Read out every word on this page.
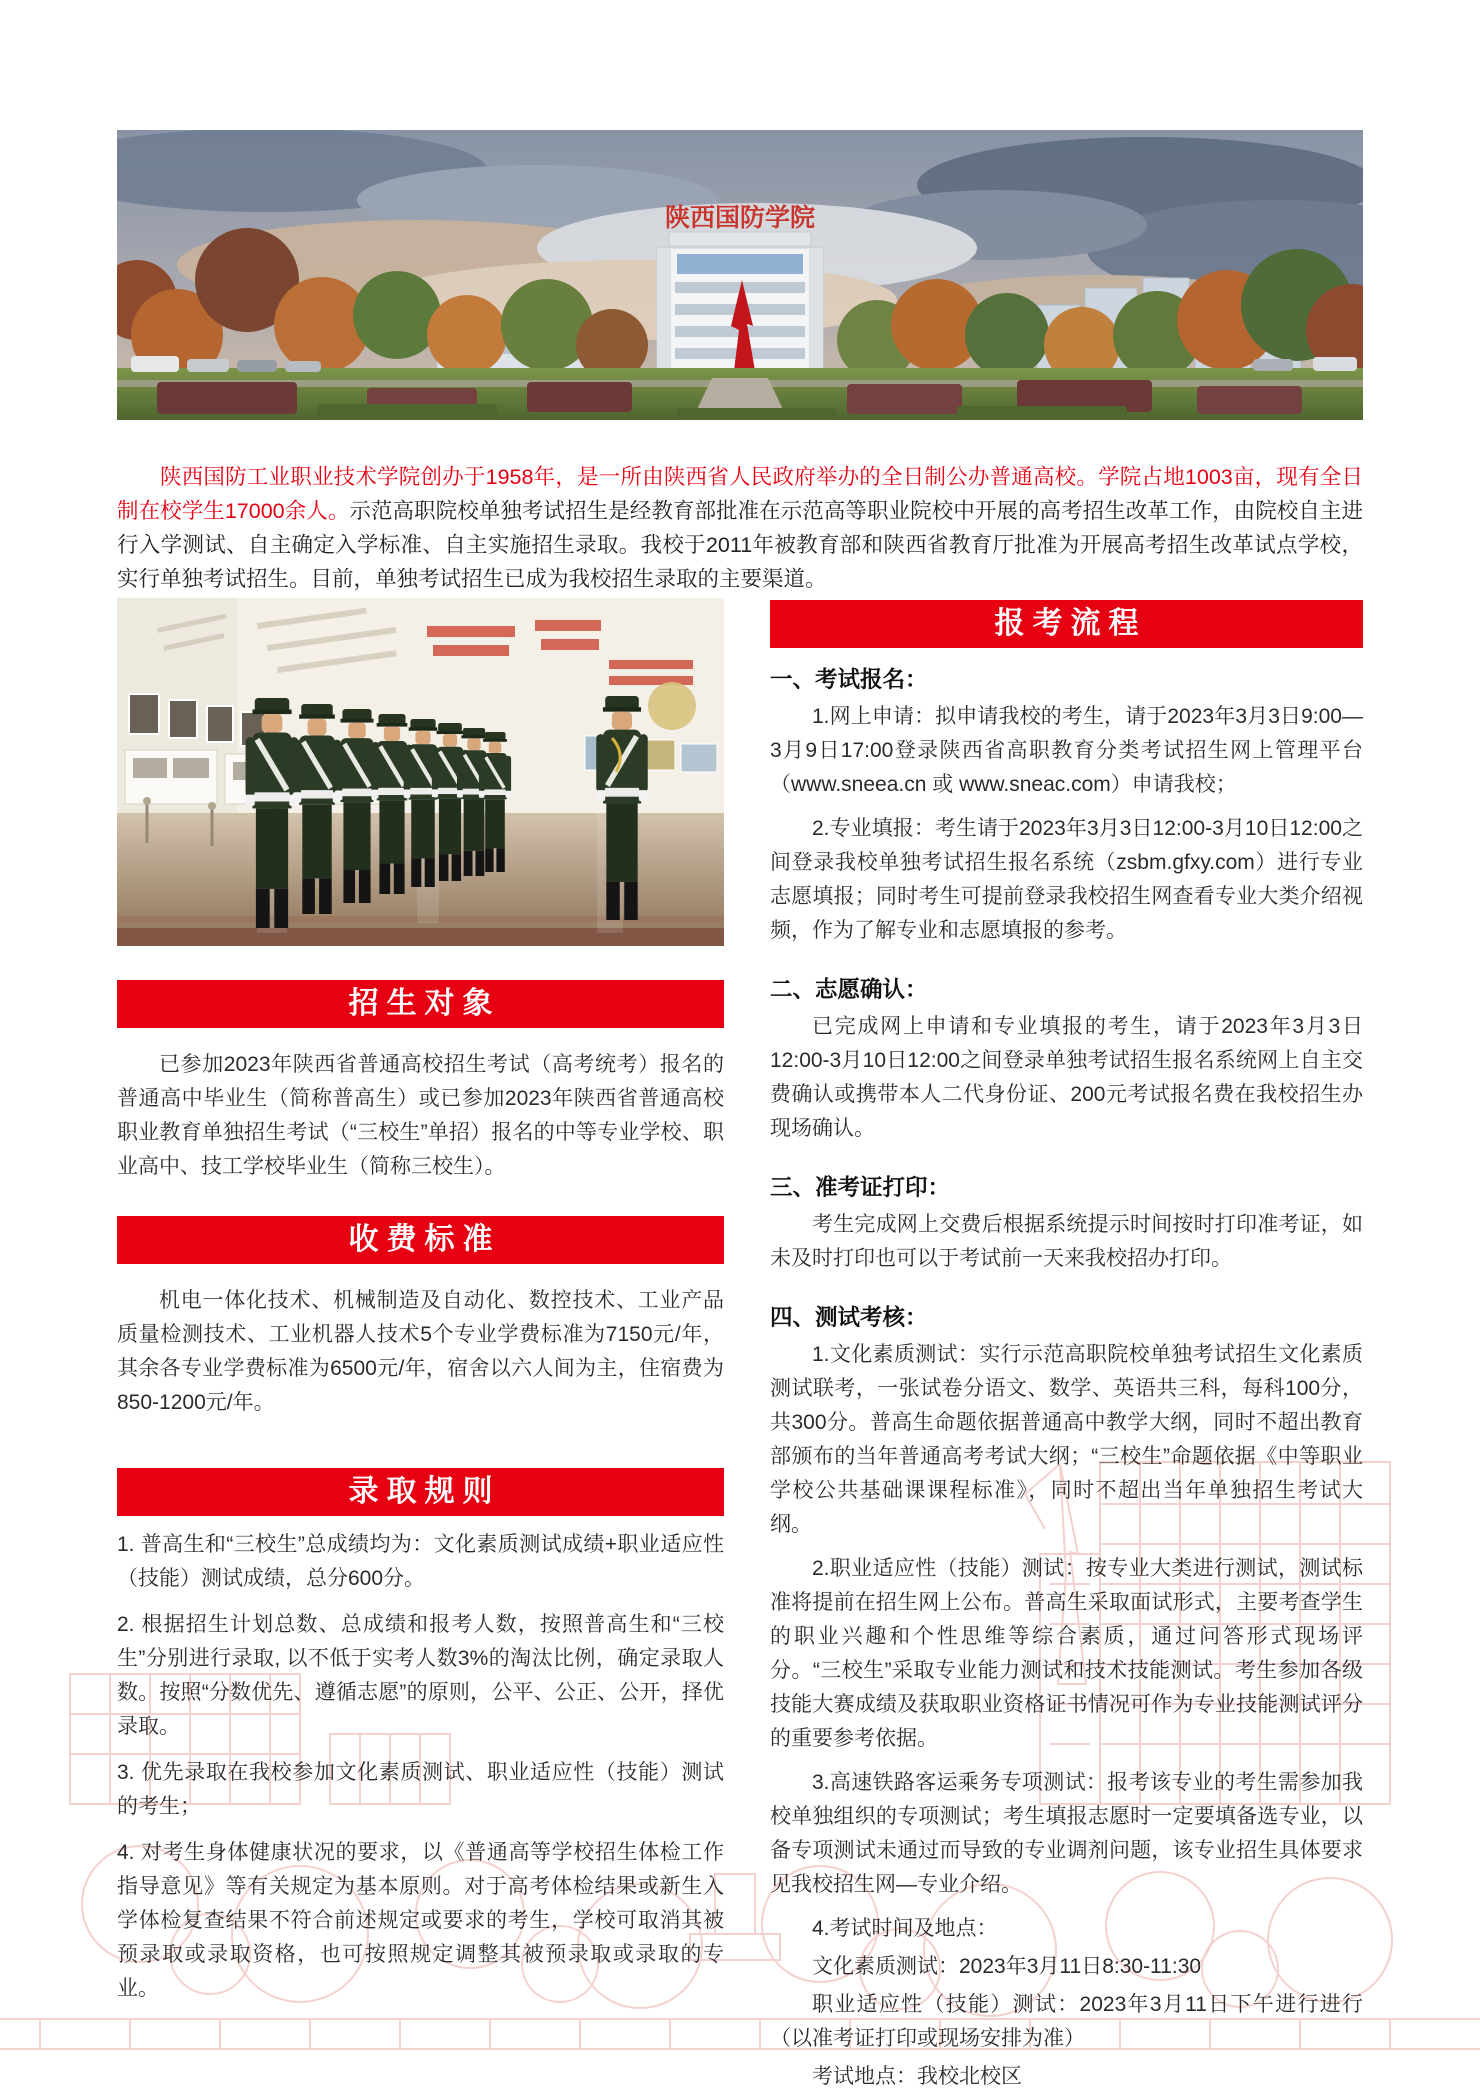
陕西国防学院

陕西国防工业职业技术学院创办于1958年，是一所由陕西省人民政府举办的全日制公办普通高校。学院占地1003亩，现有全日制在校学生17000余人。示范高职院校单独考试招生是经教育部批准在示范高等职业院校中开展的高考招生改革工作，由院校自主进行入学测试、自主确定入学标准、自主实施招生录取。我校于2011年被教育部和陕西省教育厅批准为开展高考招生改革试点学校，实行单独考试招生。目前，单独考试招生已成为我校招生录取的主要渠道。

招生对象

已参加2023年陕西省普通高校招生考试（高考统考）报名的普通高中毕业生（简称普高生）或已参加2023年陕西省普通高校职业教育单独招生考试（“三校生”单招）报名的中等专业学校、职业高中、技工学校毕业生（简称三校生）。

收费标准

机电一体化技术、机械制造及自动化、数控技术、工业产品质量检测技术、工业机器人技术5个专业学费标准为7150元/年，其余各专业学费标准为6500元/年，宿舍以六人间为主，住宿费为850-1200元/年。

录取规则

1. 普高生和“三校生”总成绩均为：文化素质测试成绩+职业适应性（技能）测试成绩，总分600分。

2. 根据招生计划总数、总成绩和报考人数，按照普高生和“三校生”分别进行录取, 以不低于实考人数3%的淘汰比例，确定录取人数。按照“分数优先、遵循志愿”的原则，公平、公正、公开，择优录取。

3. 优先录取在我校参加文化素质测试、职业适应性（技能）测试的考生；

4. 对考生身体健康状况的要求，以《普通高等学校招生体检工作指导意见》等有关规定为基本原则。对于高考体检结果或新生入学体检复查结果不符合前述规定或要求的考生，学校可取消其被预录取或录取资格，也可按照规定调整其被预录取或录取的专业。

报考流程
一、考试报名：

1.网上申请：拟申请我校的考生，请于2023年3月3日9:00—3月9日17:00登录陕西省高职教育分类考试招生网上管理平台（www.sneea.cn 或 www.sneac.com）申请我校；

2.专业填报：考生请于2023年3月3日12:00-3月10日12:00之间登录我校单独考试招生报名系统（zsbm.gfxy.com）进行专业志愿填报；同时考生可提前登录我校招生网查看专业大类介绍视频，作为了解专业和志愿填报的参考。

二、志愿确认：

已完成网上申请和专业填报的考生，请于2023年3月3日12:00-3月10日12:00之间登录单独考试招生报名系统网上自主交费确认或携带本人二代身份证、200元考试报名费在我校招生办现场确认。

三、准考证打印：

考生完成网上交费后根据系统提示时间按时打印准考证，如未及时打印也可以于考试前一天来我校招办打印。

四、测试考核：

1.文化素质测试：实行示范高职院校单独考试招生文化素质测试联考，一张试卷分语文、数学、英语共三科，每科100分，共300分。普高生命题依据普通高中教学大纲，同时不超出教育部颁布的当年普通高考考试大纲；“三校生”命题依据《中等职业学校公共基础课课程标准》，同时不超出当年单独招生考试大纲。

2.职业适应性（技能）测试：按专业大类进行测试，测试标准将提前在招生网上公布。普高生采取面试形式，主要考查学生的职业兴趣和个性思维等综合素质，通过问答形式现场评分。“三校生”采取专业能力测试和技术技能测试。考生参加各级技能大赛成绩及获取职业资格证书情况可作为专业技能测试评分的重要参考依据。

3.高速铁路客运乘务专项测试：报考该专业的考生需参加我校单独组织的专项测试；考生填报志愿时一定要填备选专业，以备专项测试未通过而导致的专业调剂问题，该专业招生具体要求见我校招生网—专业介绍。

4.考试时间及地点：

文化素质测试：2023年3月11日8:30-11:30

职业适应性（技能）测试：2023年3月11日下午进行进行（以准考证打印或现场安排为准）

考试地点：我校北校区
